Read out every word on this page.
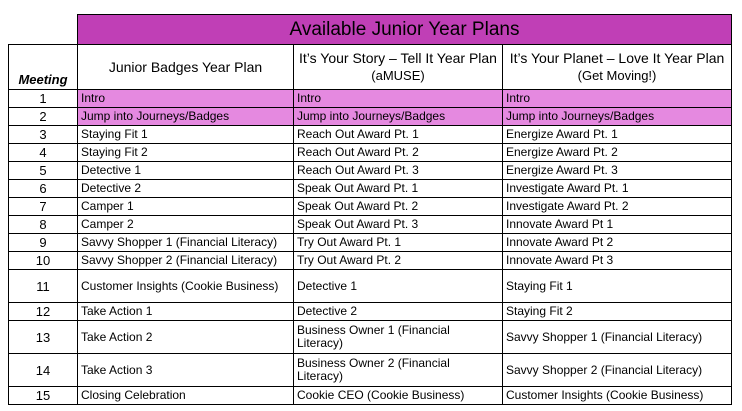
	Available Junior Year Plans		
Meeting	Junior Badges Year Plan	It’s Your Story – Tell It Year Plan (aMUSE)	It’s Your Planet – Love It Year Plan (Get Moving!)
1	Intro	Intro	Intro
2	Jump into Journeys/Badges	Jump into Journeys/Badges	Jump into Journeys/Badges
3	Staying Fit 1	Reach Out Award Pt. 1	Energize Award Pt. 1
4	Staying Fit 2	Reach Out Award Pt. 2	Energize Award Pt. 2
5	Detective 1	Reach Out Award Pt. 3	Energize Award Pt. 3
6	Detective 2	Speak Out Award Pt. 1	Investigate Award Pt. 1
7	Camper 1	Speak Out Award Pt. 2	Investigate Award Pt. 2
8	Camper 2	Speak Out Award Pt. 3	Innovate Award Pt 1
9	Savvy Shopper 1 (Financial Literacy)	Try Out Award Pt. 1	Innovate Award Pt 2
10	Savvy Shopper 2 (Financial Literacy)	Try Out Award Pt. 2	Innovate Award Pt 3
11	Customer Insights (Cookie Business)	Detective 1	Staying Fit 1
12	Take Action 1	Detective 2	Staying Fit 2
13	Take Action 2	Business Owner 1 (Financial Literacy)	Savvy Shopper 1 (Financial Literacy)
14	Take Action 3	Business Owner 2 (Financial Literacy)	Savvy Shopper 2 (Financial Literacy)
15	Closing Celebration	Cookie CEO (Cookie Business)	Customer Insights (Cookie Business)
